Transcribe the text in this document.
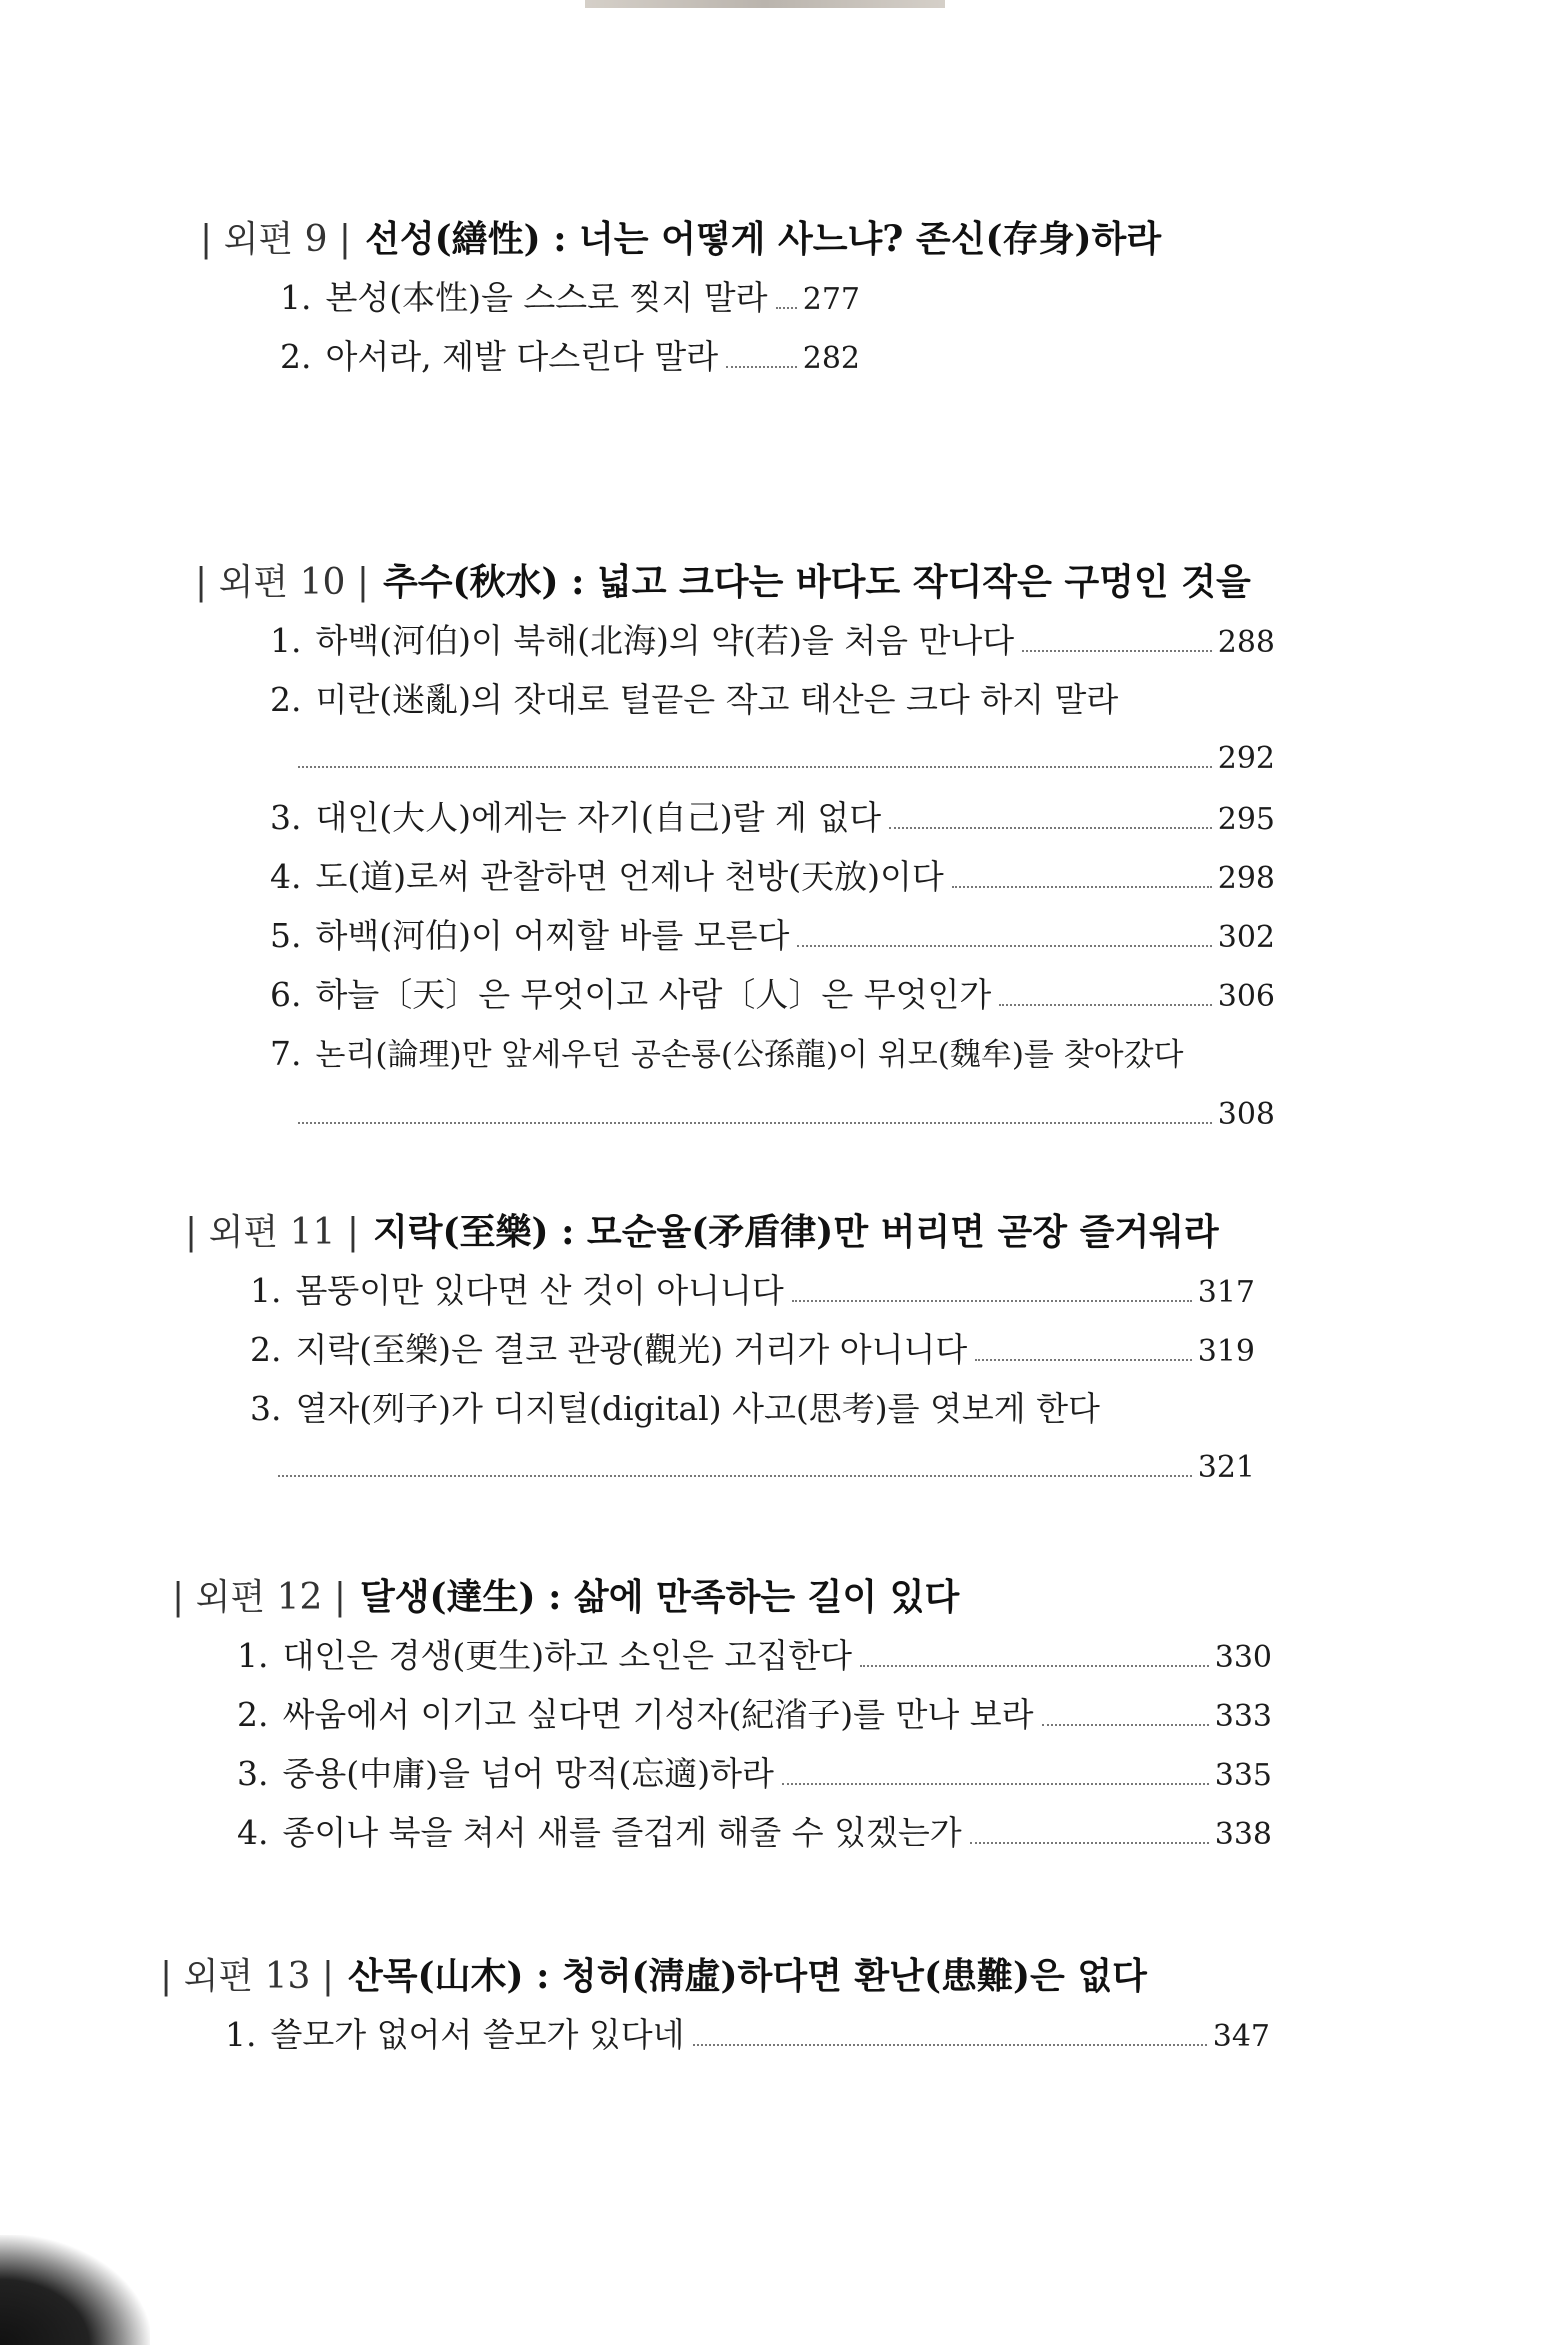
| 외편 9 | 선성(繕性) : 너는 어떻게 사느냐? 존신(存身)하라
1. 본성(本性)을 스스로 찢지 말라 277
2. 아서라, 제발 다스린다 말라	282
| 외편 10 | 추수(秋水) : 넓고 크다는 바다도 작디작은 구멍인 것을
1. 하백(河伯)이 북해(北海)의 약(若)을 처음 만나다	288
2. 미란(迷亂)의 잣대로 털끝은 작고 태산은 크다 하지 말라
292
3. 대인(大人)에게는 자기(自己)랄 게 없다	295
4. 도(道)로써 관찰하면 언제나 천방(天放)이다	298
5. 하백(河伯)이 어찌할 바를 모른다	302
6. 하늘〔天〕은 무엇이고 사람〔人〕은 무엇인가	306
7. 논리(論理)만 앞세우던 공손룡(公孫龍)이 위모(魏牟)를 찾아갔다
308
| 외편 11 | 지락(至樂) : 모순율(矛盾律)만 버리면 곧장 즐거워라
1. 몸뚱이만 있다면 산 것이 아니니다	317
2. 지락(至樂)은 결코 관광(觀光) 거리가 아니니다	319
3. 열자(列子)가 디지털(digital) 사고(思考)를 엿보게 한다
321
| 외편 12 | 달생(達生) : 삶에 만족하는 길이 있다
1. 대인은 경생(更生)하고 소인은 고집한다	330
2. 싸움에서 이기고 싶다면 기성자(紀渻子)를 만나 보라	333
3. 중용(中庸)을 넘어 망적(忘適)하라	335
4. 종이나 북을 쳐서 새를 즐겁게 해줄 수 있겠는가	338
| 외편 13 | 산목(山木) : 청허(淸虛)하다면 환난(患難)은 없다
1. 쓸모가 없어서 쓸모가 있다네	347
